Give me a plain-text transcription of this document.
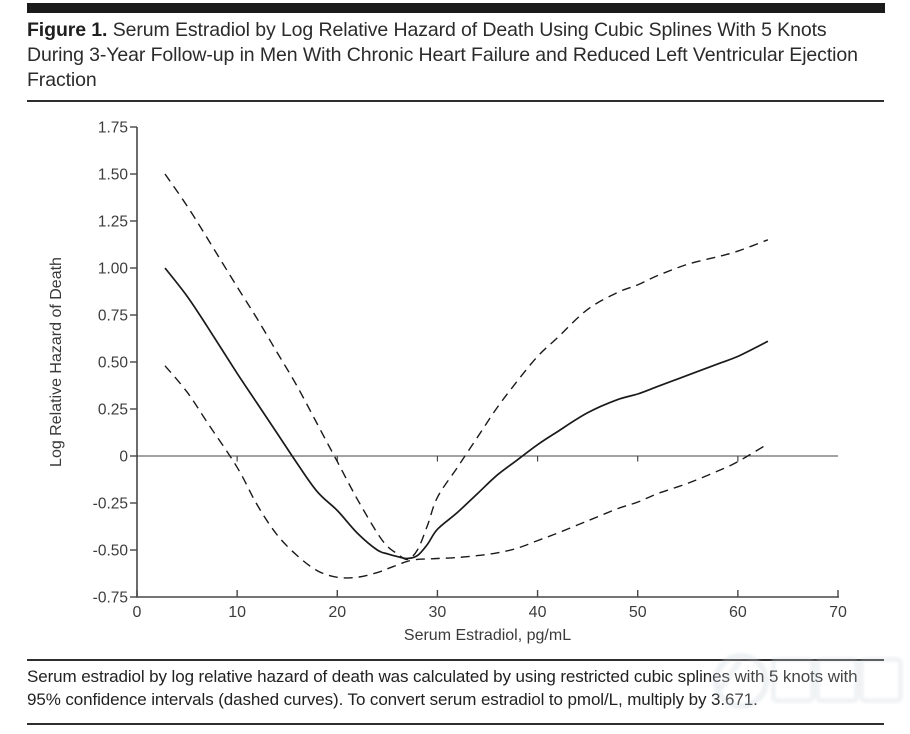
Figure 1. Serum Estradiol by Log Relative Hazard of Death Using Cubic Splines With 5 Knots During 3-Year Follow-up in Men With Chronic Heart Failure and Reduced Left Ventricular Ejection Fraction
1.75
1.50
1.25
1.00
0.75
0.50
0.25
0
-0.25
-0.50
-0.75
0	10	20	30	40	50	60	70
Log Relative Hazard of Death
Serum Estradiol, pg/mL
Serum estradiol by log relative hazard of death was calculated by using restricted cubic splines with 5 knots with 95% confidence intervals (dashed curves). To convert serum estradiol to pmol/L, multiply by 3.671.
